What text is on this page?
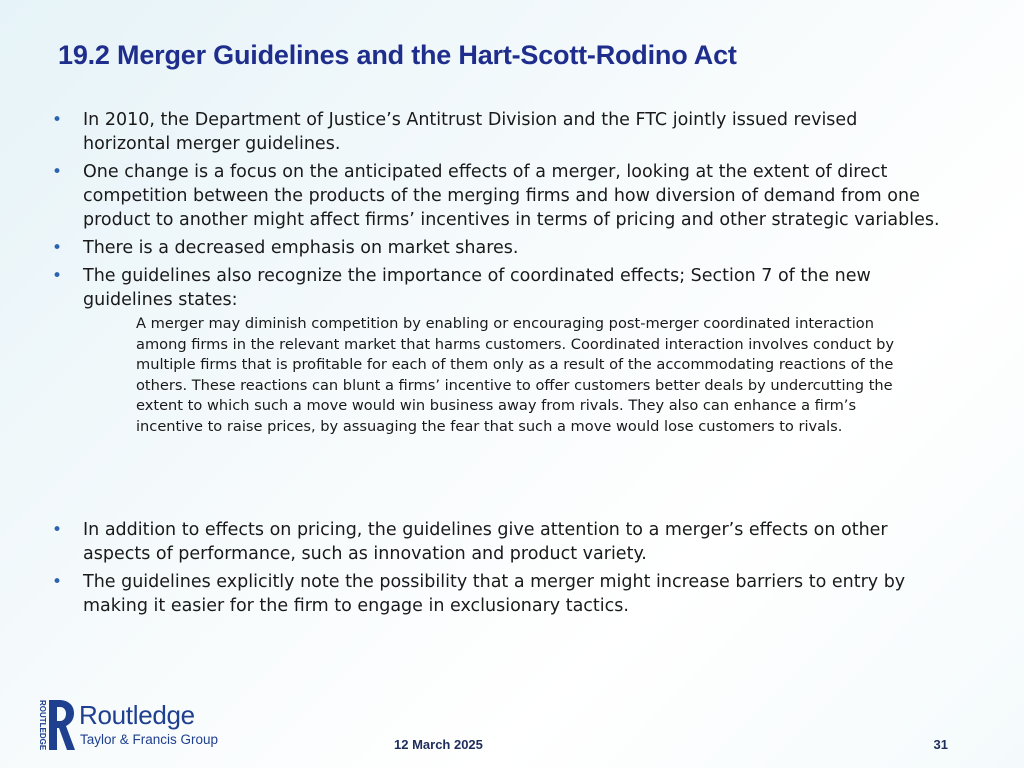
19.2 Merger Guidelines and the Hart-Scott-Rodino Act
• In 2010, the Department of Justice’s Antitrust Division and the FTC jointly issued revised horizontal merger guidelines.
• One change is a focus on the anticipated effects of a merger, looking at the extent of direct competition between the products of the merging firms and how diversion of demand from one product to another might affect firms’ incentives in terms of pricing and other strategic variables.
• There is a decreased emphasis on market shares.
• The guidelines also recognize the importance of coordinated effects; Section 7 of the new guidelines states:
A merger may diminish competition by enabling or encouraging post-merger coordinated interaction among firms in the relevant market that harms customers. Coordinated interaction involves conduct by multiple firms that is profitable for each of them only as a result of the accommodating reactions of the others. These reactions can blunt a firms’ incentive to offer customers better deals by undercutting the extent to which such a move would win business away from rivals. They also can enhance a firm’s incentive to raise prices, by assuaging the fear that such a move would lose customers to rivals.
• In addition to effects on pricing, the guidelines give attention to a merger’s effects on other aspects of performance, such as innovation and product variety.
• The guidelines explicitly note the possibility that a merger might increase barriers to entry by making it easier for the firm to engage in exclusionary tactics.
ROUTLEDGE Routledge
Taylor & Francis Group	12 March 2025	31
